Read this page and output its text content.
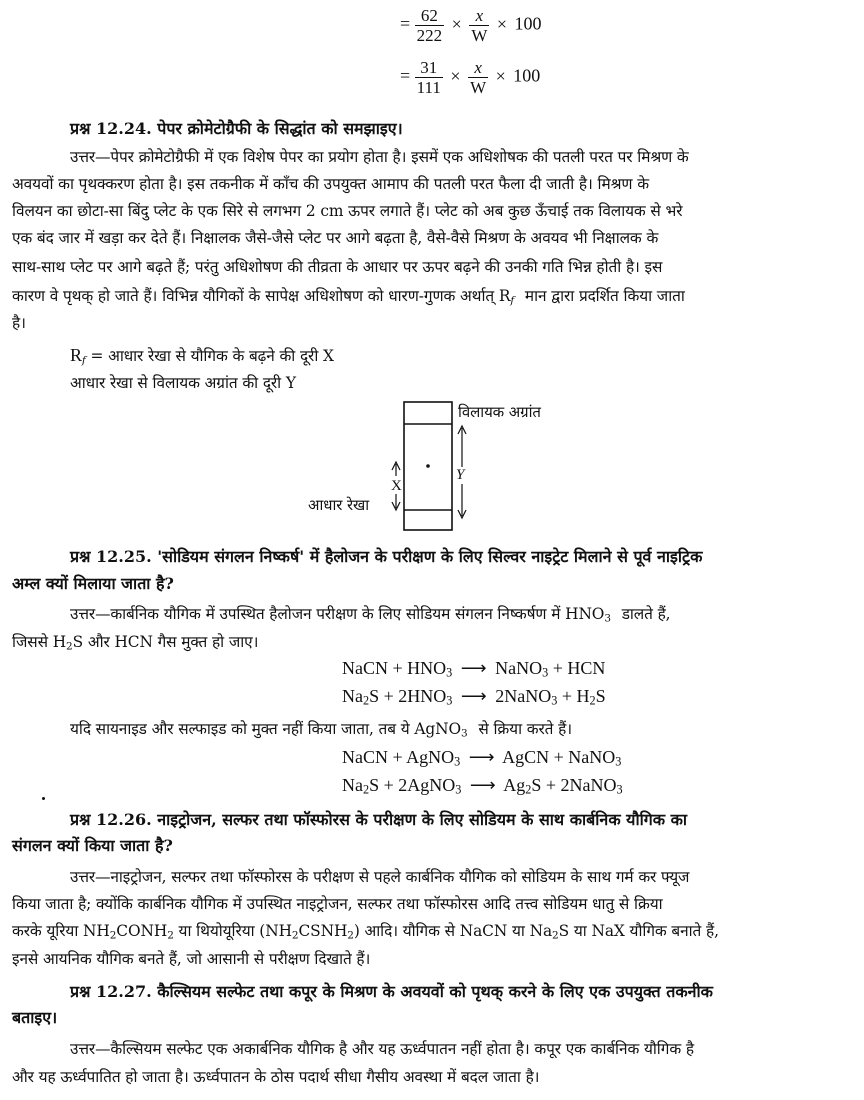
= $\frac{62}{222} \times \frac{x}{W} \times 100$
= $\frac{31}{111} \times \frac{x}{W} \times 100$
प्रश्न 12.24. पेपर क्रोमेटोग्रैफी के सिद्धांत को समझाइए।
उत्तर—पेपर क्रोमेटोग्रैफी में एक विशेष पेपर का प्रयोग होता है। इसमें एक अधिशोषक की पतली परत पर मिश्रण के
अवयवों का पृथक्करण होता है। इस तकनीक में काँच की उपयुक्त आमाप की पतली परत फैला दी जाती है। मिश्रण के
विलयन का छोटा-सा बिंदु प्लेट के एक सिरे से लगभग 2 cm ऊपर लगाते हैं। प्लेट को अब कुछ ऊँचाई तक विलायक से भरे
एक बंद जार में खड़ा कर देते हैं। निक्षालक जैसे-जैसे प्लेट पर आगे बढ़ता है, वैसे-वैसे मिश्रण के अवयव भी निक्षालक के
साथ-साथ प्लेट पर आगे बढ़ते हैं; परंतु अधिशोषण की तीव्रता के आधार पर ऊपर बढ़ने की उनकी गति भिन्न होती है। इस
कारण वे पृथक् हो जाते हैं। विभिन्न यौगिकों के सापेक्ष अधिशोषण को धारण-गुणक अर्थात् $R_f$ मान द्वारा प्रदर्शित किया जाता
है।
$R_f$ = आधार रेखा से यौगिक के बढ़ने की दूरी X
आधार रेखा से विलायक अग्रांत की दूरी Y
विलायक अग्रांत
Y
X
आधार रेखा
प्रश्न 12.25. 'सोडियम संगलन निष्कर्ष' में हैलोजन के परीक्षण के लिए सिल्वर नाइट्रेट मिलाने से पूर्व नाइट्रिक
अम्ल क्यों मिलाया जाता है?
उत्तर—कार्बनिक यौगिक में उपस्थित हैलोजन परीक्षण के लिए सोडियम संगलन निष्कर्षण में $HNO_3$ डालते हैं,
जिससे $H_2S$ और HCN गैस मुक्त हो जाए।
NaCN + $HNO_3$ ⟶ NaNO$_3$ + HCN
$Na_2S + 2HNO_3$ ⟶ 2NaNO$_3$ + $H_2S$
यदि सायनाइड और सल्फाइड को मुक्त नहीं किया जाता, तब ये AgNO$_3$ से क्रिया करते हैं।
NaCN + AgNO$_3$ ⟶ AgCN + NaNO$_3$
$Na_2S$ + 2AgNO$_3$ ⟶ $Ag_2S$ + 2NaNO$_3$
प्रश्न 12.26. नाइट्रोजन, सल्फर तथा फॉस्फोरस के परीक्षण के लिए सोडियम के साथ कार्बनिक यौगिक का
संगलन क्यों किया जाता है?
उत्तर—नाइट्रोजन, सल्फर तथा फॉस्फोरस के परीक्षण से पहले कार्बनिक यौगिक को सोडियम के साथ गर्म कर फ्यूज
किया जाता है; क्योंकि कार्बनिक यौगिक में उपस्थित नाइट्रोजन, सल्फर तथा फॉस्फोरस आदि तत्त्व सोडियम धातु से क्रिया
करके यूरिया $NH_2CONH_2$ या थियोयूरिया $(NH_2CSNH_2)$ आदि। यौगिक से NaCN या $Na_2S$ या NaX यौगिक बनाते हैं,
इनसे आयनिक यौगिक बनते हैं, जो आसानी से परीक्षण दिखाते हैं।
प्रश्न 12.27. कैल्सियम सल्फेट तथा कपूर के मिश्रण के अवयवों को पृथक् करने के लिए एक उपयुक्त तकनीक
बताइए।
उत्तर—कैल्सियम सल्फेट एक अकार्बनिक यौगिक है और यह ऊर्ध्वपातन नहीं होता है। कपूर एक कार्बनिक यौगिक है
और यह ऊर्ध्वपातित हो जाता है। ऊर्ध्वपातन के ठोस पदार्थ सीधा गैसीय अवस्था में बदल जाता है।
